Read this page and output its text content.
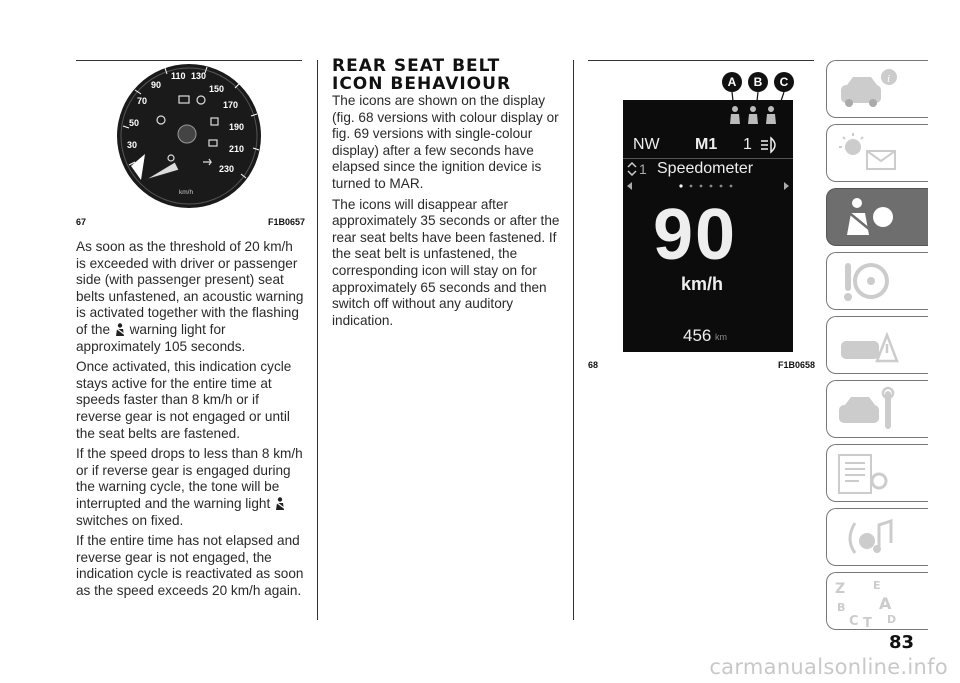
30
50
70
90
110 130
150
170
190
210
230
km/h
67	F1B0657

As soon as the threshold of 20 km/h is exceeded with driver or passenger side (with passenger present) seat belts unfastened, an acoustic warning is activated together with the flashing of the warning light for approximately 105 seconds.

Once activated, this indication cycle stays active for the entire time at speeds faster than 8 km/h or if reverse gear is not engaged or until the seat belts are fastened.

If the speed drops to less than 8 km/h or if reverse gear is engaged during the warning cycle, the tone will be interrupted and the warning light  switches on fixed.

If the entire time has not elapsed and reverse gear is not engaged, the indication cycle is reactivated as soon as the speed exceeds 20 km/h again.

REAR SEAT BELT ICON BEHAVIOUR

The icons are shown on the display (fig. 68 versions with colour display or fig. 69 versions with single-colour display) after a few seconds have elapsed since the ignition device is turned to MAR.

The icons will disappear after approximately 35 seconds or after the rear seat belts have been fastened. If the seat belt is unfastened, the corresponding icon will stay on for approximately 65 seconds and then switch off without any auditory indication.

A B C
NW M1 1
1 Speedometer
90
km/h
456 km
68	F1B0658
i
Z	E
A
B
C T D
83
carmanualsonline.info
